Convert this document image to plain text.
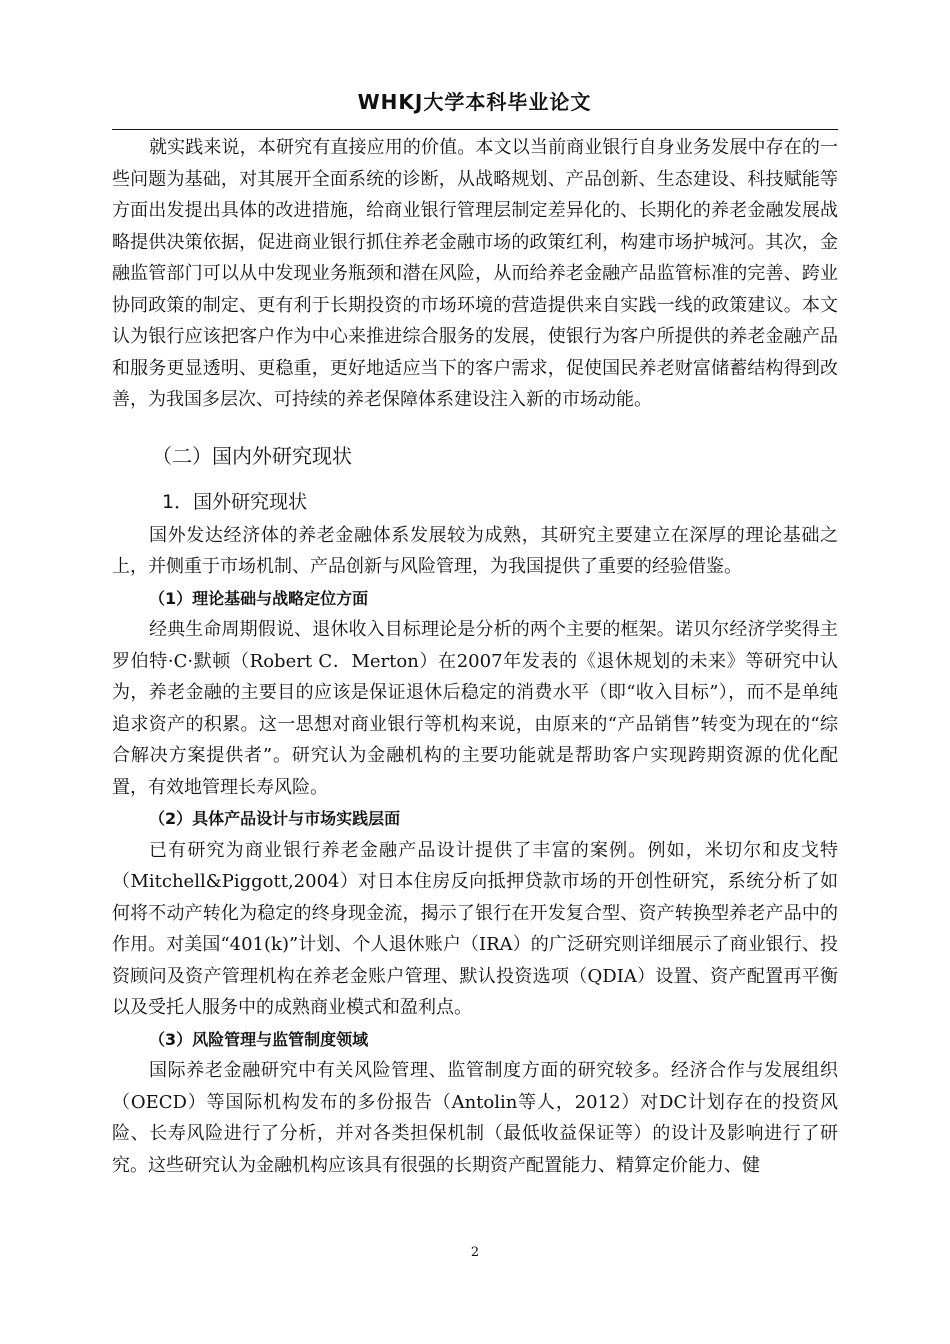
WHKJ大学本科毕业论文

就实践来说，本研究有直接应用的价值。本文以当前商业银行自身业务发展中存在的一些问题为基础，对其展开全面系统的诊断，从战略规划、产品创新、生态建设、科技赋能等方面出发提出具体的改进措施，给商业银行管理层制定差异化的、长期化的养老金融发展战略提供决策依据，促进商业银行抓住养老金融市场的政策红利，构建市场护城河。其次，金融监管部门可以从中发现业务瓶颈和潜在风险，从而给养老金融产品监管标准的完善、跨业协同政策的制定、更有利于长期投资的市场环境的营造提供来自实践一线的政策建议。本文认为银行应该把客户作为中心来推进综合服务的发展，使银行为客户所提供的养老金融产品和服务更显透明、更稳重，更好地适应当下的客户需求，促使国民养老财富储蓄结构得到改善，为我国多层次、可持续的养老保障体系建设注入新的市场动能。

（二）国内外研究现状
1．国外研究现状

国外发达经济体的养老金融体系发展较为成熟，其研究主要建立在深厚的理论基础之上，并侧重于市场机制、产品创新与风险管理，为我国提供了重要的经验借鉴。

（1）理论基础与战略定位方面

经典生命周期假说、退休收入目标理论是分析的两个主要的框架。诺贝尔经济学奖得主罗伯特·C·默顿（Robert C．Merton）在2007年发表的《退休规划的未来》等研究中认为，养老金融的主要目的应该是保证退休后稳定的消费水平（即“收入目标”），而不是单纯追求资产的积累。这一思想对商业银行等机构来说，由原来的“产品销售”转变为现在的“综合解决方案提供者”。研究认为金融机构的主要功能就是帮助客户实现跨期资源的优化配置，有效地管理长寿风险。

（2）具体产品设计与市场实践层面

已有研究为商业银行养老金融产品设计提供了丰富的案例。例如，米切尔和皮戈特（Mitchell&Piggott,2004）对日本住房反向抵押贷款市场的开创性研究，系统分析了如何将不动产转化为稳定的终身现金流，揭示了银行在开发复合型、资产转换型养老产品中的作用。对美国“401(k)”计划、个人退休账户（IRA）的广泛研究则详细展示了商业银行、投资顾问及资产管理机构在养老金账户管理、默认投资选项（QDIA）设置、资产配置再平衡以及受托人服务中的成熟商业模式和盈利点。

（3）风险管理与监管制度领域

国际养老金融研究中有关风险管理、监管制度方面的研究较多。经济合作与发展组织（OECD）等国际机构发布的多份报告（Antolin等人，2012）对DC计划存在的投资风险、长寿风险进行了分析，并对各类担保机制（最低收益保证等）的设计及影响进行了研究。这些研究认为金融机构应该具有很强的长期资产配置能力、精算定价能力、健

2
